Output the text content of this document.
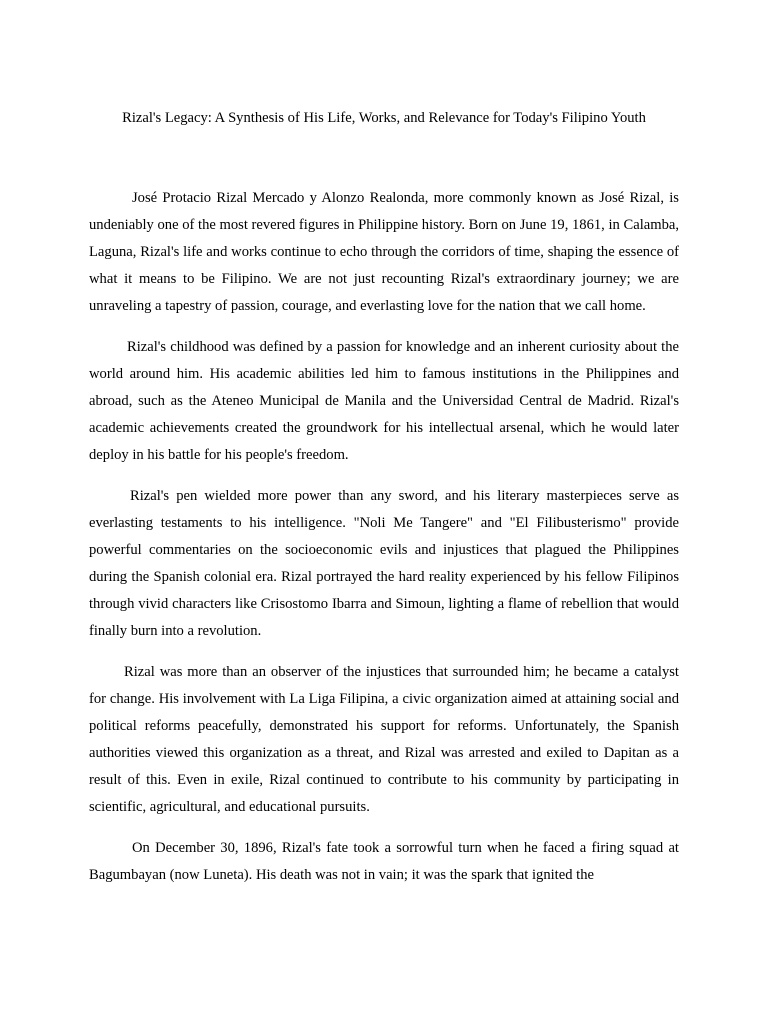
Rizal's Legacy: A Synthesis of His Life, Works, and Relevance for Today's Filipino Youth

José Protacio Rizal Mercado y Alonzo Realonda, more commonly known as José Rizal, is undeniably one of the most revered figures in Philippine history. Born on June 19, 1861, in Calamba, Laguna, Rizal's life and works continue to echo through the corridors of time, shaping the essence of what it means to be Filipino. We are not just recounting Rizal's extraordinary journey; we are unraveling a tapestry of passion, courage, and everlasting love for the nation that we call home.

Rizal's childhood was defined by a passion for knowledge and an inherent curiosity about the world around him. His academic abilities led him to famous institutions in the Philippines and abroad, such as the Ateneo Municipal de Manila and the Universidad Central de Madrid. Rizal's academic achievements created the groundwork for his intellectual arsenal, which he would later deploy in his battle for his people's freedom.

Rizal's pen wielded more power than any sword, and his literary masterpieces serve as everlasting testaments to his intelligence. "Noli Me Tangere" and "El Filibusterismo" provide powerful commentaries on the socioeconomic evils and injustices that plagued the Philippines during the Spanish colonial era. Rizal portrayed the hard reality experienced by his fellow Filipinos through vivid characters like Crisostomo Ibarra and Simoun, lighting a flame of rebellion that would finally burn into a revolution.

Rizal was more than an observer of the injustices that surrounded him; he became a catalyst for change. His involvement with La Liga Filipina, a civic organization aimed at attaining social and political reforms peacefully, demonstrated his support for reforms. Unfortunately, the Spanish authorities viewed this organization as a threat, and Rizal was arrested and exiled to Dapitan as a result of this. Even in exile, Rizal continued to contribute to his community by participating in scientific, agricultural, and educational pursuits.

On December 30, 1896, Rizal's fate took a sorrowful turn when he faced a firing squad at Bagumbayan (now Luneta). His death was not in vain; it was the spark that ignited the
